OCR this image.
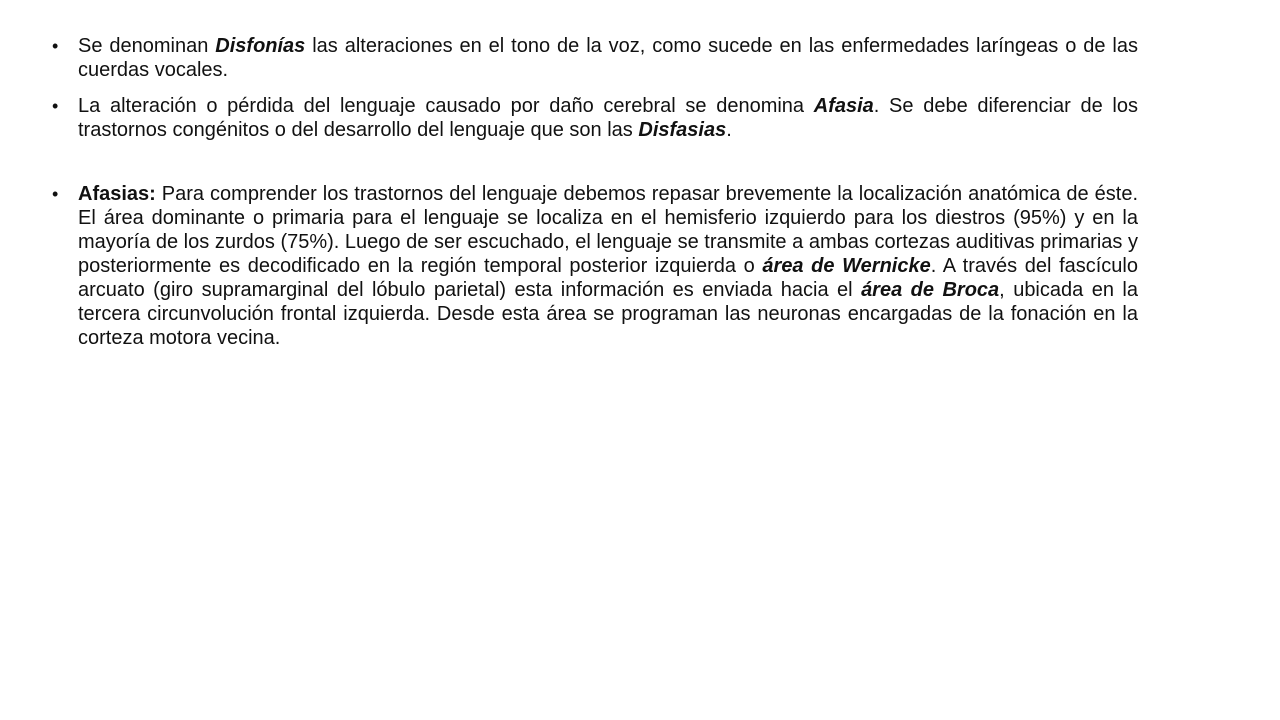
• Se denominan Disfonías las alteraciones en el tono de la voz, como sucede en las enfermedades laríngeas o de las cuerdas vocales.
• La alteración o pérdida del lenguaje causado por daño cerebral se denomina Afasia. Se debe diferenciar de los trastornos congénitos o del desarrollo del lenguaje que son las Disfasias.
• Afasias: Para comprender los trastornos del lenguaje debemos repasar brevemente la localización anatómica de éste. El área dominante o primaria para el lenguaje se localiza en el hemisferio izquierdo para los diestros (95%) y en la mayoría de los zurdos (75%). Luego de ser escuchado, el lenguaje se transmite a ambas cortezas auditivas primarias y posteriormente es decodificado en la región temporal posterior izquierda o área de Wernicke. A través del fascículo arcuato (giro supramarginal del lóbulo parietal) esta información es enviada hacia el área de Broca, ubicada en la tercera circunvolución frontal izquierda. Desde esta área se programan las neuronas encargadas de la fonación en la corteza motora vecina.
